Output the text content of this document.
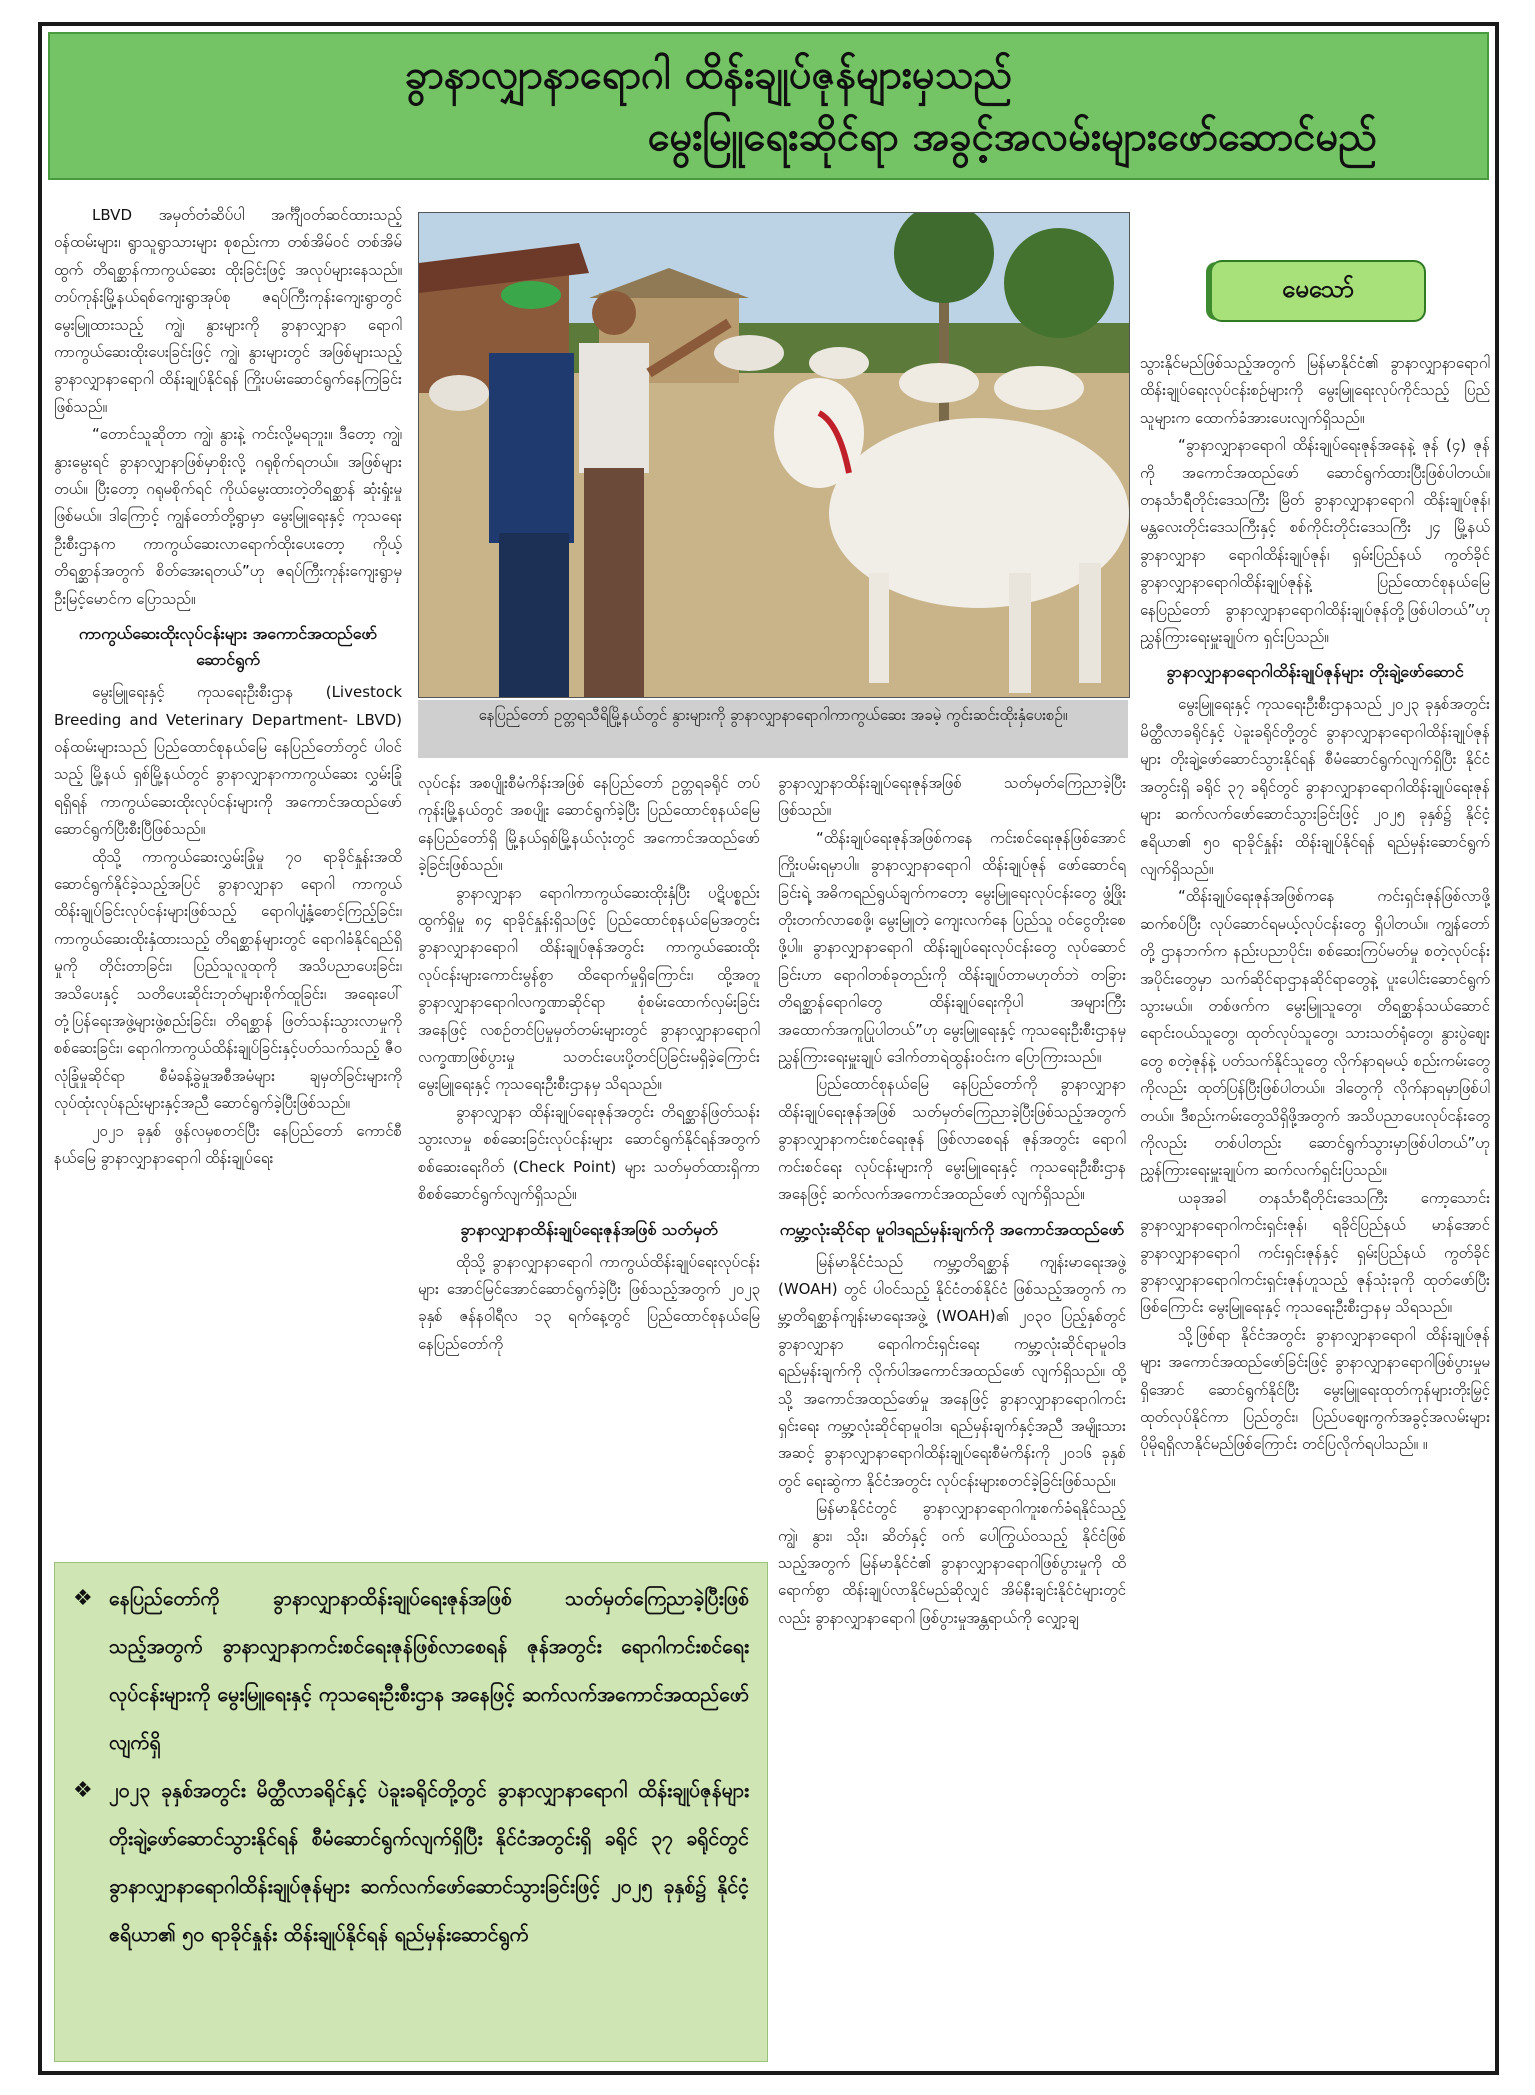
ခွာနာလျှာနာရောဂါ ထိန်းချုပ်ဇုန်များမှသည်
မွေးမြူရေးဆိုင်ရာ အခွင့်အလမ်းများဖော်ဆောင်မည်

LBVD အမှတ်တံဆိပ်ပါ အင်္ကျီဝတ်ဆင်ထားသည့် ဝန်ထမ်းများ၊ ရွာသူရွာသားများ စုစည်းကာ တစ်အိမ်ဝင် တစ်အိမ်ထွက် တိရစ္ဆာန်ကာကွယ်ဆေး ထိုးခြင်းဖြင့် အလုပ်များနေသည်။ တပ်ကုန်းမြို့နယ်ရစ်ကျေးရွာအုပ်စု ဇရပ်ကြီးကုန်းကျေးရွာတွင် မွေးမြူထားသည့် ကျွဲ၊ နွားများကို ခွာနာလျှာနာ ရောဂါကာကွယ်ဆေးထိုးပေးခြင်းဖြင့် ကျွဲ၊ နွားများတွင် အဖြစ်များသည့် ခွာနာလျှာနာရောဂါ ထိန်းချုပ်နိုင်ရန် ကြိုးပမ်းဆောင်ရွက်နေကြခြင်းဖြစ်သည်။

“တောင်သူဆိုတာ ကျွဲ၊ နွားနဲ့ ကင်းလို့မရဘူး။ ဒီတော့ ကျွဲ၊ နွားမွေးရင် ခွာနာလျှာနာဖြစ်မှာစိုးလို့ ဂရုစိုက်ရတယ်။ အဖြစ်များတယ်။ ပြီးတော့ ဂရုမစိုက်ရင် ကိုယ်မွေးထားတဲ့တိရစ္ဆာန် ဆုံးရှုံးမှုဖြစ်မယ်။ ဒါကြောင့် ကျွန်တော်တို့ရွာမှာ မွေးမြူရေးနှင့် ကုသရေးဦးစီးဌာနက ကာကွယ်ဆေးလာရောက်ထိုးပေးတော့ ကိုယ့်တိရစ္ဆာန်အတွက် စိတ်အေးရတယ်”ဟု ဇရပ်ကြီးကုန်းကျေးရွာမှ ဦးမြင့်မောင်က ပြောသည်။

ကာကွယ်ဆေးထိုးလုပ်ငန်းများ အကောင်အထည်ဖော်ဆောင်ရွက်

မွေးမြူရေးနှင့် ကုသရေးဦးစီးဌာန (Livestock Breeding and Veterinary Department- LBVD) ဝန်ထမ်းများသည် ပြည်ထောင်စုနယ်မြေ နေပြည်တော်တွင် ပါဝင်သည့် မြို့နယ် ရှစ်မြို့နယ်တွင် ခွာနာလျှာနာကာကွယ်ဆေး လွှမ်းခြုံရရှိရန် ကာကွယ်ဆေးထိုးလုပ်ငန်းများကို အကောင်အထည်ဖော် ဆောင်ရွက်ပြီးစီးပြီဖြစ်သည်။

ထိုသို့ ကာကွယ်ဆေးလွှမ်းခြုံမှု ၇၀ ရာခိုင်နှုန်းအထိ ဆောင်ရွက်နိုင်ခဲ့သည့်အပြင် ခွာနာလျှာနာ ရောဂါ ကာကွယ်ထိန်းချုပ်ခြင်းလုပ်ငန်းများဖြစ်သည့် ရောဂါပျံ့နှံ့စောင့်ကြည့်ခြင်း၊ ကာကွယ်ဆေးထိုးနှံထားသည့် တိရစ္ဆာန်များတွင် ရောဂါခံနိုင်ရည်ရှိမှုကို တိုင်းတာခြင်း၊ ပြည်သူလူထုကို အသိပညာပေးခြင်း၊ အသိပေးနှင့် သတိပေးဆိုင်းဘုတ်များစိုက်ထူခြင်း၊ အရေးပေါ်တုံ့ပြန်ရေးအဖွဲ့များဖွဲ့စည်းခြင်း၊ တိရစ္ဆာန် ဖြတ်သန်းသွားလာမှုကို စစ်ဆေးခြင်း၊ ရောဂါကာကွယ်ထိန်းချုပ်ခြင်းနှင့်ပတ်သက်သည့် ဇီဝလုံခြုံမှုဆိုင်ရာ စီမံခန့်ခွဲမှုအစီအမံများ ချမှတ်ခြင်းများကို လုပ်ထုံးလုပ်နည်းများနှင့်အညီ ဆောင်ရွက်ခဲ့ပြီးဖြစ်သည်။

၂၀၂၁ ခုနှစ် ဖွန်လမှစတင်ပြီး နေပြည်တော် ကောင်စီနယ်မြေ ခွာနာလျှာနာရောဂါ ထိန်းချုပ်ရေး

နေပြည်တော် ဥတ္တရသီရိမြို့နယ်တွင် နွားများကို ခွာနာလျှာနာရောဂါကာကွယ်ဆေး အခမဲ့ ကွင်းဆင်းထိုးနှံပေးစဉ်။

လုပ်ငန်း အစပျိုးစီမံကိန်းအဖြစ် နေပြည်တော် ဥတ္တရခရိုင် တပ်ကုန်းမြို့နယ်တွင် အစပျိုး ဆောင်ရွက်ခဲ့ပြီး ပြည်ထောင်စုနယ်မြေ နေပြည်တော်ရှိ မြို့နယ်ရှစ်မြို့နယ်လုံးတွင် အကောင်အထည်ဖော်ခဲ့ခြင်းဖြစ်သည်။

ခွာနာလျှာနာ ရောဂါကာကွယ်ဆေးထိုးနှံပြီး ပဋိပစ္စည်းထွက်ရှိမှု ၈၄ ရာခိုင်နှုန်းရှိသဖြင့် ပြည်ထောင်စုနယ်မြေအတွင်း ခွာနာလျှာနာရောဂါ ထိန်းချုပ်ဇုန်အတွင်း ကာကွယ်ဆေးထိုးလုပ်ငန်းများကောင်းမွန်စွာ ထိရောက်မှုရှိကြောင်း၊ ထို့အတူ ခွာနာလျှာနာရောဂါလက္ခဏာဆိုင်ရာ စုံစမ်းထောက်လှမ်းခြင်းအနေဖြင့် လစဉ်တင်ပြမှုမှတ်တမ်းများတွင် ခွာနာလျှာနာရောဂါလက္ခဏာဖြစ်ပွားမှု သတင်းပေးပို့တင်ပြခြင်းမရှိခဲ့ကြောင်း မွေးမြူရေးနှင့် ကုသရေးဦးစီးဌာနမှ သိရသည်။

ခွာနာလျှာနာ ထိန်းချုပ်ရေးဇုန်အတွင်း တိရစ္ဆာန်ဖြတ်သန်းသွားလာမှု စစ်ဆေးခြင်းလုပ်ငန်းများ ဆောင်ရွက်နိုင်ရန်အတွက် စစ်ဆေးရေးဂိတ် (Check Point) များ သတ်မှတ်ထားရှိကာ စိစစ်ဆောင်ရွက်လျက်ရှိသည်။

ခွာနာလျှာနာထိန်းချုပ်ရေးဇုန်အဖြစ် သတ်မှတ်

ထိုသို့ ခွာနာလျှာနာရောဂါ ကာကွယ်ထိန်းချုပ်ရေးလုပ်ငန်းများ အောင်မြင်အောင်ဆောင်ရွက်ခဲ့ပြီး ဖြစ်သည့်အတွက် ၂၀၂၃ ခုနှစ် ဇန်နဝါရီလ ၁၃ ရက်နေ့တွင် ပြည်ထောင်စုနယ်မြေ နေပြည်တော်ကို

ခွာနာလျှာနာထိန်းချုပ်ရေးဇုန်အဖြစ် သတ်မှတ်ကြေညာခဲ့ပြီးဖြစ်သည်။

“ထိန်းချုပ်ရေးဇုန်အဖြစ်ကနေ ကင်းစင်ရေးဇုန်ဖြစ်အောင် ကြိုးပမ်းရမှာပါ။ ခွာနာလျှာနာရောဂါ ထိန်းချုပ်ဇုန် ဖော်ဆောင်ရခြင်းရဲ့ အဓိကရည်ရွယ်ချက်ကတော့ မွေးမြူရေးလုပ်ငန်းတွေ ဖွံ့ဖြိုးတိုးတက်လာစေဖို့၊ မွေးမြူတဲ့ ကျေးလက်နေ ပြည်သူ ဝင်ငွေတိုးစေဖို့ပါ။ ခွာနာလျှာနာရောဂါ ထိန်းချုပ်ရေးလုပ်ငန်းတွေ လုပ်ဆောင်ခြင်းဟာ ရောဂါတစ်ခုတည်းကို ထိန်းချုပ်တာမဟုတ်ဘဲ တခြား တိရစ္ဆာန်ရောဂါတွေ ထိန်းချုပ်ရေးကိုပါ အများကြီးအထောက်အကူပြုပါတယ်”ဟု မွေးမြူရေးနှင့် ကုသရေးဦးစီးဌာနမှ ညွှန်ကြားရေးမှူးချုပ် ဒေါက်တာရဲထွန်းဝင်းက ပြောကြားသည်။

ပြည်ထောင်စုနယ်မြေ နေပြည်တော်ကို ခွာနာလျှာနာထိန်းချုပ်ရေးဇုန်အဖြစ် သတ်မှတ်ကြေညာခဲ့ပြီးဖြစ်သည့်အတွက် ခွာနာလျှာနာကင်းစင်ရေးဇုန် ဖြစ်လာစေရန် ဇုန်အတွင်း ရောဂါကင်းစင်ရေး လုပ်ငန်းများကို မွေးမြူရေးနှင့် ကုသရေးဦးစီးဌာန အနေဖြင့် ဆက်လက်အကောင်အထည်ဖော် လျက်ရှိသည်။

ကမ္ဘာ့လုံးဆိုင်ရာ မူဝါဒရည်မှန်းချက်ကို အကောင်အထည်ဖော်

မြန်မာနိုင်ငံသည် ကမ္ဘာ့တိရစ္ဆာန် ကျန်းမာရေးအဖွဲ့ (WOAH) တွင် ပါဝင်သည့် နိုင်ငံတစ်နိုင်ငံ ဖြစ်သည့်အတွက် ကမ္ဘာ့တိရစ္ဆာန်ကျန်းမာရေးအဖွဲ့ (WOAH)၏ ၂၀၃၀ ပြည့်နှစ်တွင် ခွာနာလျှာနာ ရောဂါကင်းရှင်းရေး ကမ္ဘာ့လုံးဆိုင်ရာမူဝါဒ ရည်မှန်းချက်ကို လိုက်ပါအကောင်အထည်ဖော် လျက်ရှိသည်။ ထို့သို့ အကောင်အထည်ဖော်မှု အနေဖြင့် ခွာနာလျှာနာရောဂါကင်းရှင်းရေး ကမ္ဘာ့လုံးဆိုင်ရာမူဝါဒ၊ ရည်မှန်းချက်နှင့်အညီ အမျိုးသားအဆင့် ခွာနာလျှာနာရောဂါထိန်းချုပ်ရေးစီမံကိန်းကို ၂၀၁၆ ခုနှစ်တွင် ရေးဆွဲကာ နိုင်ငံအတွင်း လုပ်ငန်းများစတင်ခဲ့ခြင်းဖြစ်သည်။

မြန်မာနိုင်ငံတွင် ခွာနာလျှာနာရောဂါကူးစက်ခံရနိုင်သည့် ကျွဲ၊ နွား၊ သိုး၊ ဆိတ်နှင့် ဝက် ပေါကြွယ်ဝသည့် နိုင်ငံဖြစ်သည့်အတွက် မြန်မာနိုင်ငံ၏ ခွာနာလျှာနာရောဂါဖြစ်ပွားမှုကို ထိရောက်စွာ ထိန်းချုပ်လာနိုင်မည်ဆိုလျှင် အိမ်နီးချင်းနိုင်ငံများတွင်လည်း ခွာနာလျှာနာရောဂါ ဖြစ်ပွားမှုအန္တရာယ်ကို လျှော့ချ

မေသော်

သွားနိုင်မည်ဖြစ်သည့်အတွက် မြန်မာနိုင်ငံ၏ ခွာနာလျှာနာရောဂါ ထိန်းချုပ်ရေးလုပ်ငန်းစဉ်များကို မွေးမြူရေးလုပ်ကိုင်သည့် ပြည်သူများက ထောက်ခံအားပေးလျက်ရှိသည်။

“ခွာနာလျှာနာရောဂါ ထိန်းချုပ်ရေးဇုန်အနေနဲ့ ဇုန် (၄) ဇုန်ကို အကောင်အထည်ဖော် ဆောင်ရွက်ထားပြီးဖြစ်ပါတယ်။ တနင်္သာရီတိုင်းဒေသကြီး မြိတ် ခွာနာလျှာနာရောဂါ ထိန်းချုပ်ဇုန်၊ မန္တလေးတိုင်းဒေသကြီးနှင့် စစ်ကိုင်းတိုင်းဒေသကြီး ၂၄ မြို့နယ် ခွာနာလျှာနာ ရောဂါထိန်းချုပ်ဇုန်၊ ရှမ်းပြည်နယ် ကွတ်ခိုင် ခွာနာလျှာနာရောဂါထိန်းချုပ်ဇုန်နဲ့ ပြည်ထောင်စုနယ်မြေ နေပြည်တော် ခွာနာလျှာနာရောဂါထိန်းချုပ်ဇုန်တို့ဖြစ်ပါတယ်”ဟု ညွှန်ကြားရေးမှူးချုပ်က ရှင်းပြသည်။

ခွာနာလျှာနာရောဂါထိန်းချုပ်ဇုန်များ တိုးချဲ့ဖော်ဆောင်

မွေးမြူရေးနှင့် ကုသရေးဦးစီးဌာနသည် ၂၀၂၃ ခုနှစ်အတွင်း မိတ္ထီလာခရိုင်နှင့် ပဲခူးခရိုင်တို့တွင် ခွာနာလျှာနာရောဂါထိန်းချုပ်ဇုန်များ တိုးချဲ့ဖော်ဆောင်သွားနိုင်ရန် စီမံဆောင်ရွက်လျက်ရှိပြီး နိုင်ငံအတွင်းရှိ ခရိုင် ၃၇ ခရိုင်တွင် ခွာနာလျှာနာရောဂါထိန်းချုပ်ရေးဇုန်များ ဆက်လက်ဖော်ဆောင်သွားခြင်းဖြင့် ၂၀၂၅ ခုနှစ်၌ နိုင်ငံ့ဧရိယာ၏ ၅၀ ရာခိုင်နှုန်း ထိန်းချုပ်နိုင်ရန် ရည်မှန်းဆောင်ရွက်လျက်ရှိသည်။

“ထိန်းချုပ်ရေးဇုန်အဖြစ်ကနေ ကင်းရှင်းဇုန်ဖြစ်လာဖို့ ဆက်စပ်ပြီး လုပ်ဆောင်ရမယ့်လုပ်ငန်းတွေ ရှိပါတယ်။ ကျွန်တော်တို့ ဌာနဘက်က နည်းပညာပိုင်း၊ စစ်ဆေးကြပ်မတ်မှု စတဲ့လုပ်ငန်းအပိုင်းတွေမှာ သက်ဆိုင်ရာဌာနဆိုင်ရာတွေနဲ့ ပူးပေါင်းဆောင်ရွက်သွားမယ်။ တစ်ဖက်က မွေးမြူသူတွေ၊ တိရစ္ဆာန်သယ်ဆောင်ရောင်းဝယ်သူတွေ၊ ထုတ်လုပ်သူတွေ၊ သားသတ်ရုံတွေ၊ နွားပွဲစျေးတွေ စတဲ့ဇုန်နဲ့ ပတ်သက်နိုင်သူတွေ လိုက်နာရမယ့် စည်းကမ်းတွေကိုလည်း ထုတ်ပြန်ပြီးဖြစ်ပါတယ်။ ဒါတွေကို လိုက်နာရမှာဖြစ်ပါတယ်။ ဒီစည်းကမ်းတွေသိရှိဖို့အတွက် အသိပညာပေးလုပ်ငန်းတွေကိုလည်း တစ်ပါတည်း ဆောင်ရွက်သွားမှာဖြစ်ပါတယ်”ဟု ညွှန်ကြားရေးမှူးချုပ်က ဆက်လက်ရှင်းပြသည်။

ယခုအခါ တနင်္သာရီတိုင်းဒေသကြီး ကော့သောင်း ခွာနာလျှာနာရောဂါကင်းရှင်းဇုန်၊ ရခိုင်ပြည်နယ် မာန်အောင် ခွာနာလျှာနာရောဂါ ကင်းရှင်းဇုန်နှင့် ရှမ်းပြည်နယ် ကွတ်ခိုင် ခွာနာလျှာနာရောဂါကင်းရှင်းဇုန်ဟူသည့် ဇုန်သုံးခုကို ထုတ်ဖော်ပြီးဖြစ်ကြောင်း မွေးမြူရေးနှင့် ကုသရေးဦးစီးဌာနမှ သိရသည်။

သို့ဖြစ်ရာ နိုင်ငံအတွင်း ခွာနာလျှာနာရောဂါ ထိန်းချုပ်ဇုန်များ အကောင်အထည်ဖော်ခြင်းဖြင့် ခွာနာလျှာနာရောဂါဖြစ်ပွားမှုမရှိအောင် ဆောင်ရွက်နိုင်ပြီး မွေးမြူရေးထုတ်ကုန်များတိုးမြှင့်ထုတ်လုပ်နိုင်ကာ ပြည်တွင်း၊ ပြည်ပဈေးကွက်အခွင့်အလမ်းများ ပိုမိုရရှိလာနိုင်မည်ဖြစ်ကြောင်း တင်ပြလိုက်ရပါသည်။ ။

❖ နေပြည်တော်ကို ခွာနာလျှာနာထိန်းချုပ်ရေးဇုန်အဖြစ် သတ်မှတ်ကြေညာခဲ့ပြီးဖြစ်သည့်အတွက် ခွာနာလျှာနာကင်းစင်ရေးဇုန်ဖြစ်လာစေရန် ဇုန်အတွင်း ရောဂါကင်းစင်ရေးလုပ်ငန်းများကို မွေးမြူရေးနှင့် ကုသရေးဦးစီးဌာန အနေဖြင့် ဆက်လက်အကောင်အထည်ဖော်လျက်ရှိ
❖ ၂၀၂၃ ခုနှစ်အတွင်း မိတ္ထီလာခရိုင်နှင့် ပဲခူးခရိုင်တို့တွင် ခွာနာလျှာနာရောဂါ ထိန်းချုပ်ဇုန်များ တိုးချဲ့ဖော်ဆောင်သွားနိုင်ရန် စီမံဆောင်ရွက်လျက်ရှိပြီး နိုင်ငံအတွင်းရှိ ခရိုင် ၃၇ ခရိုင်တွင် ခွာနာလျှာနာရောဂါထိန်းချုပ်ဇုန်များ ဆက်လက်ဖော်ဆောင်သွားခြင်းဖြင့် ၂၀၂၅ ခုနှစ်၌ နိုင်ငံ့ဧရိယာ၏ ၅၀ ရာခိုင်နှုန်း ထိန်းချုပ်နိုင်ရန် ရည်မှန်းဆောင်ရွက်
